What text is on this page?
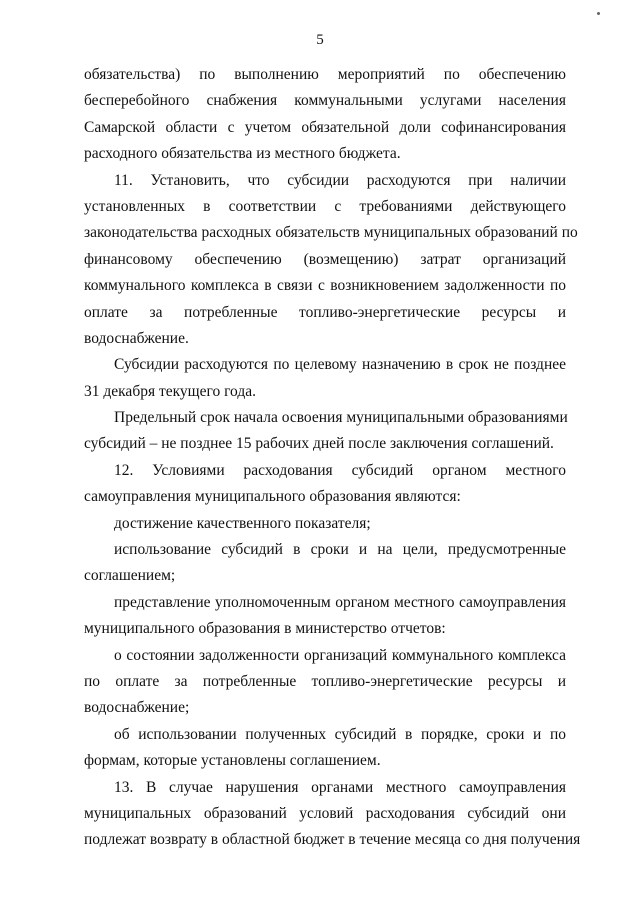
5
обязательства) по выполнению мероприятий по обеспечению
бесперебойного снабжения коммунальными услугами населения
Самарской области с учетом обязательной доли софинансирования
расходного обязательства из местного бюджета.
11. Установить, что субсидии расходуются при наличии
установленных в соответствии с требованиями действующего
законодательства расходных обязательств муниципальных образований по
финансовому обеспечению (возмещению) затрат организаций
коммунального комплекса в связи с возникновением задолженности по
оплате за потребленные топливо-энергетические ресурсы и
водоснабжение.
Субсидии расходуются по целевому назначению в срок не позднее
31 декабря текущего года.
Предельный срок начала освоения муниципальными образованиями
субсидий – не позднее 15 рабочих дней после заключения соглашений.
12. Условиями расходования субсидий органом местного
самоуправления муниципального образования являются:
достижение качественного показателя;
использование субсидий в сроки и на цели, предусмотренные
соглашением;
представление уполномоченным органом местного самоуправления
муниципального образования в министерство отчетов:
о состоянии задолженности организаций коммунального комплекса
по оплате за потребленные топливо-энергетические ресурсы и
водоснабжение;
об использовании полученных субсидий в порядке, сроки и по
формам, которые установлены соглашением.
13. В случае нарушения органами местного самоуправления
муниципальных образований условий расходования субсидий они
подлежат возврату в областной бюджет в течение месяца со дня получения
